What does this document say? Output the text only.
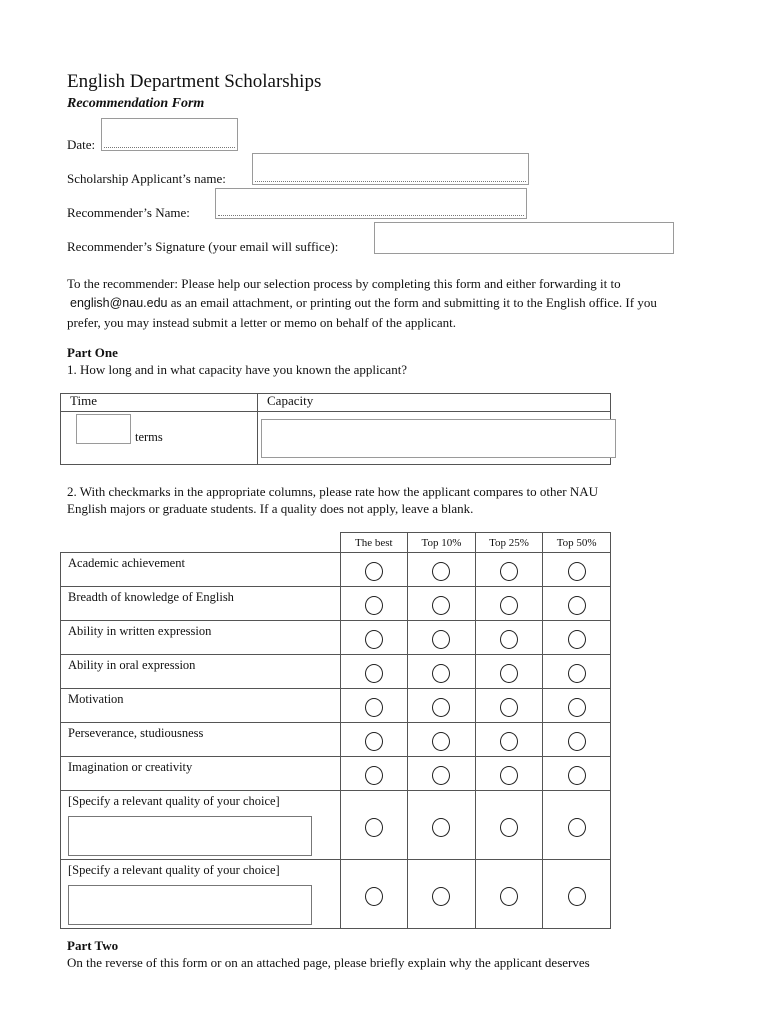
English Department Scholarships
Recommendation Form
Date:
Scholarship Applicant’s name:
Recommender’s Name:
Recommender’s Signature (your email will suffice):
To the recommender: Please help our selection process by completing this form and either forwarding it to
english@nau.edu as an email attachment, or printing out the form and submitting it to the English office. If you
prefer, you may instead submit a letter or memo on behalf of the applicant.
Part One
1. How long and in what capacity have you known the applicant?
Time	Capacity

terms

2. With checkmarks in the appropriate columns, please rate how the applicant compares to other NAU
English majors or graduate students. If a quality does not apply, leave a blank.
	The best	Top 10%	Top 25%	Top 50%
Academic achievement				
Breadth of knowledge of English				
Ability in written expression				
Ability in oral expression				
Motivation				
Perseverance, studiousness				
Imagination or creativity				

[Specify a relevant quality of your choice]				

[Specify a relevant quality of your choice]				

Part Two
On the reverse of this form or on an attached page, please briefly explain why the applicant deserves
